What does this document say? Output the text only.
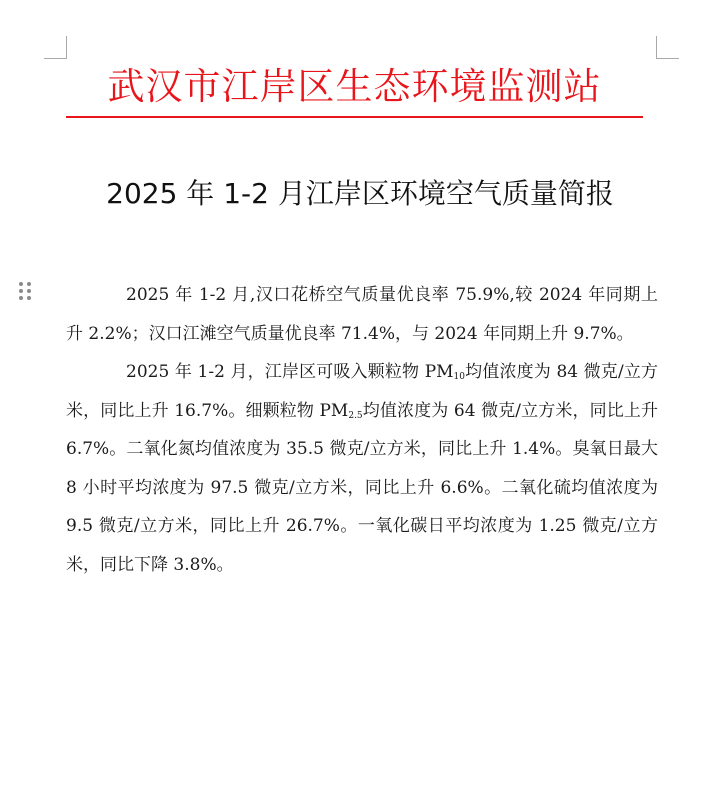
武汉市江岸区生态环境监测站
2025 年 1-2 月江岸区环境空气质量简报

2025 年 1-2 月,汉口花桥空气质量优良率 75.9%,较 2024 年同期上升 2.2%；汉口江滩空气质量优良率 71.4%，与 2024 年同期上升 9.7%。

2025 年 1-2 月，江岸区可吸入颗粒物 $PM_{10}$均值浓度为 84 微克/立方米，同比上升 16.7%。细颗粒物 $PM_{2.5}$均值浓度为 64 微克/立方米，同比上升 6.7%。二氧化氮均值浓度为 35.5 微克/立方米，同比上升 1.4%。臭氧日最大 8 小时平均浓度为 97.5 微克/立方米，同比上升 6.6%。二氧化硫均值浓度为 9.5 微克/立方米，同比上升 26.7%。一氧化碳日平均浓度为 1.25 微克/立方米，同比下降 3.8%。
